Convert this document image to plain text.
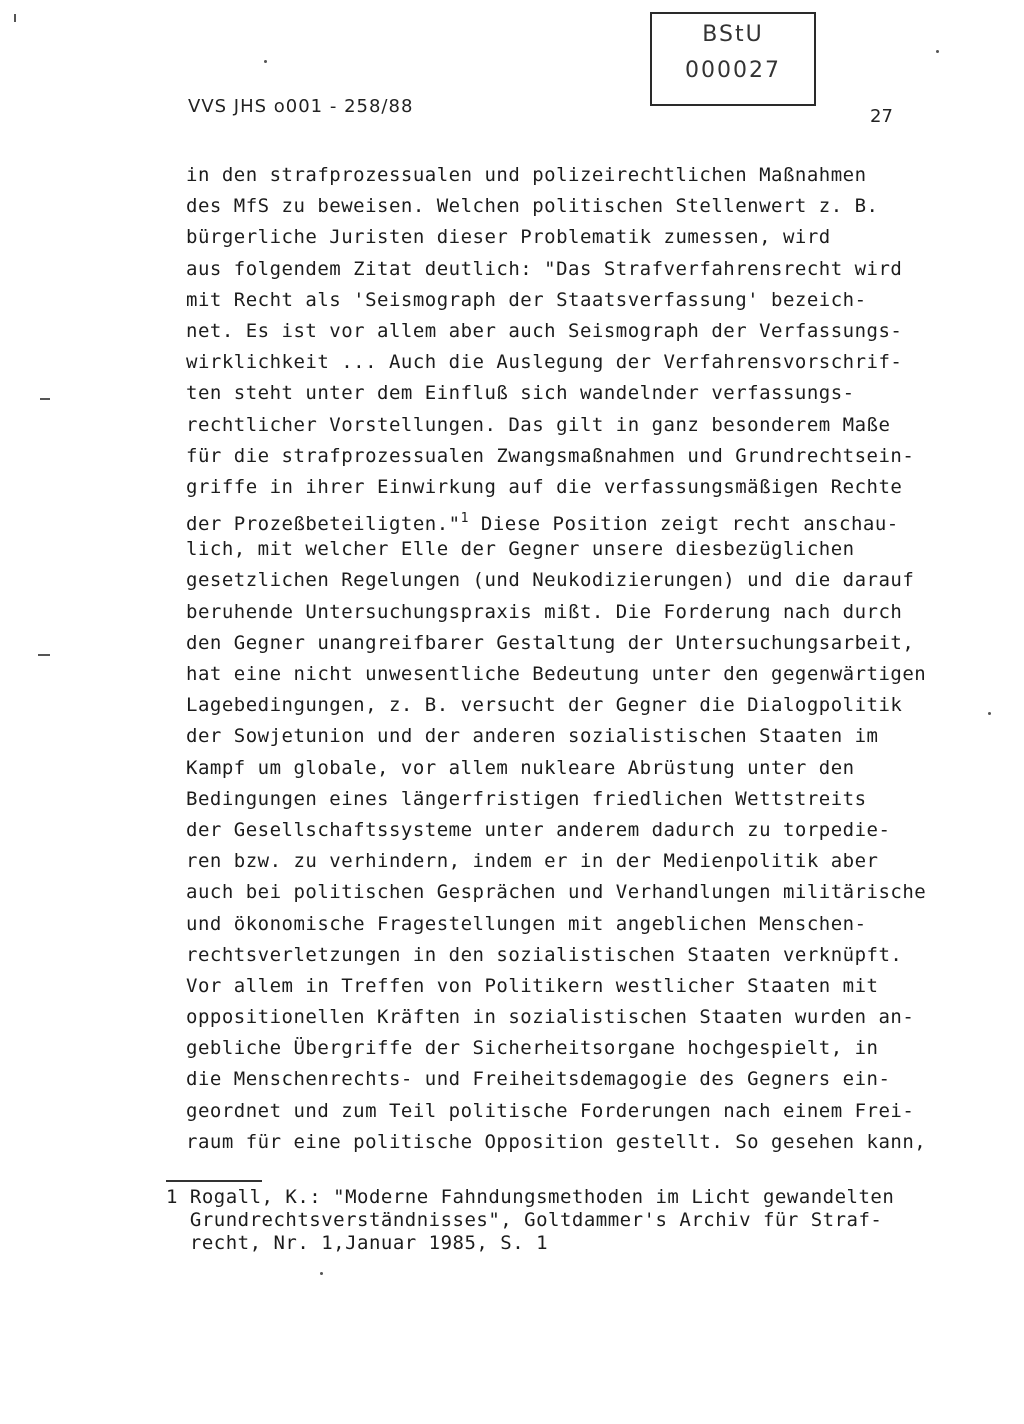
BStU
000027
VVS JHS o001 - 258/88	27
in den strafprozessualen und polizeirechtlichen Maßnahmen
des MfS zu beweisen. Welchen politischen Stellenwert z. B.
bürgerliche Juristen dieser Problematik zumessen, wird
aus folgendem Zitat deutlich: "Das Strafverfahrensrecht wird
mit Recht als 'Seismograph der Staatsverfassung' bezeich-
net. Es ist vor allem aber auch Seismograph der Verfassungs-
wirklichkeit ... Auch die Auslegung der Verfahrensvorschrif-
ten steht unter dem Einfluß sich wandelnder verfassungs-
rechtlicher Vorstellungen. Das gilt in ganz besonderem Maße
für die strafprozessualen Zwangsmaßnahmen und Grundrechtsein-
griffe in ihrer Einwirkung auf die verfassungsmäßigen Rechte
der Prozeßbeteiligten."$^1$ Diese Position zeigt recht anschau-
lich, mit welcher Elle der Gegner unsere diesbezüglichen
gesetzlichen Regelungen (und Neukodizierungen) und die darauf
beruhende Untersuchungspraxis mißt. Die Forderung nach durch
den Gegner unangreifbarer Gestaltung der Untersuchungsarbeit,
hat eine nicht unwesentliche Bedeutung unter den gegenwärtigen
Lagebedingungen, z. B. versucht der Gegner die Dialogpolitik
der Sowjetunion und der anderen sozialistischen Staaten im
Kampf um globale, vor allem nukleare Abrüstung unter den
Bedingungen eines längerfristigen friedlichen Wettstreits
der Gesellschaftssysteme unter anderem dadurch zu torpedie-
ren bzw. zu verhindern, indem er in der Medienpolitik aber
auch bei politischen Gesprächen und Verhandlungen militärische
und ökonomische Fragestellungen mit angeblichen Menschen-
rechtsverletzungen in den sozialistischen Staaten verknüpft.
Vor allem in Treffen von Politikern westlicher Staaten mit
oppositionellen Kräften in sozialistischen Staaten wurden an-
gebliche Übergriffe der Sicherheitsorgane hochgespielt, in
die Menschenrechts- und Freiheitsdemagogie des Gegners ein-
geordnet und zum Teil politische Forderungen nach einem Frei-
raum für eine politische Opposition gestellt. So gesehen kann,
1 Rogall, K.: "Moderne Fahndungsmethoden im Licht gewandelten
Grundrechtsverständnisses", Goltdammer's Archiv für Straf-
recht, Nr. 1,Januar 1985, S. 1
